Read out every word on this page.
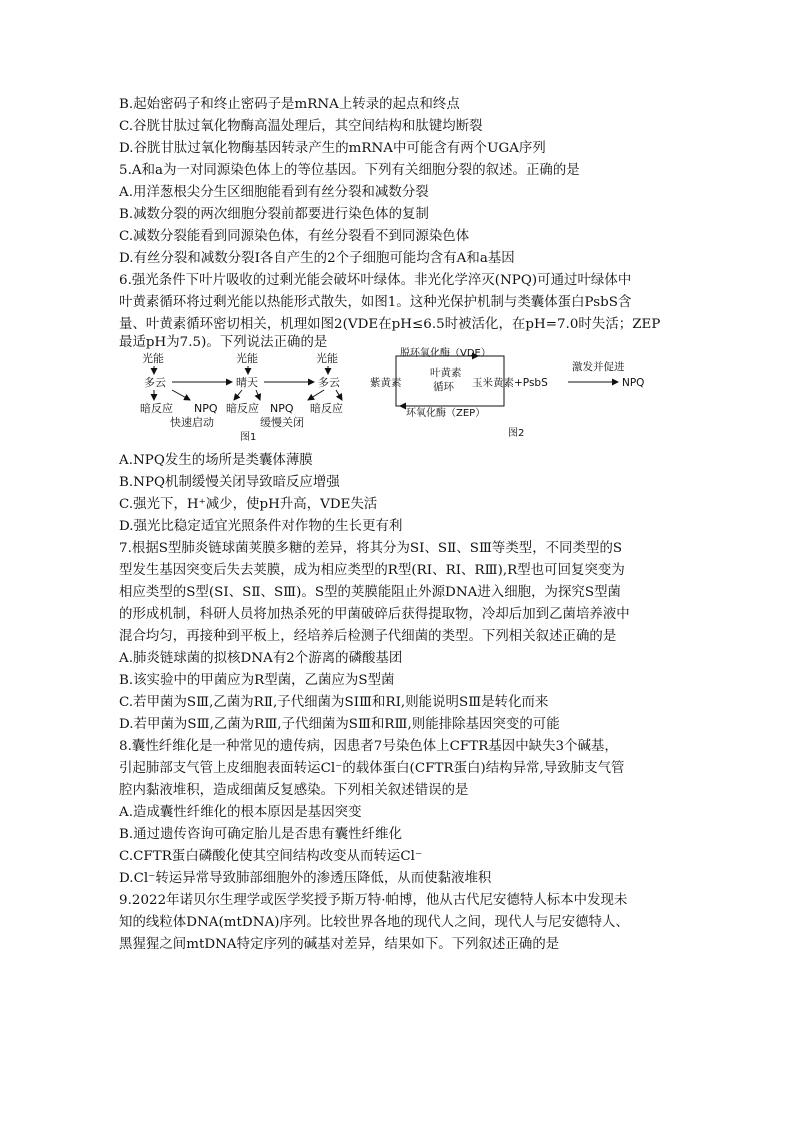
B.起始密码子和终止密码子是mRNA上转录的起点和终点
C.谷胱甘肽过氧化物酶高温处理后，其空间结构和肽键均断裂
D.谷胱甘肽过氧化物酶基因转录产生的mRNA中可能含有两个UGA序列
5.A和a为一对同源染色体上的等位基因。下列有关细胞分裂的叙述。正确的是
A.用洋葱根尖分生区细胞能看到有丝分裂和减数分裂
B.减数分裂的两次细胞分裂前都要进行染色体的复制
C.减数分裂能看到同源染色体，有丝分裂看不到同源染色体
D.有丝分裂和减数分裂Ⅰ各自产生的2个子细胞可能均含有A和a基因
6.强光条件下叶片吸收的过剩光能会破坏叶绿体。非光化学淬灭(NPQ)可通过叶绿体中
叶黄素循环将过剩光能以热能形式散失，如图1。这种光保护机制与类囊体蛋白PsbS含
量、叶黄素循环密切相关，机理如图2(VDE在pH≤6.5时被活化，在pH=7.0时失活；ZEP
最适pH为7.5)。下列说法正确的是
光能	光能	光能
多云	晴天	多云
暗反应 NPQ 暗反应 NPQ 暗反应
快速启动	缓慢关闭
图1
脱环氧化酶（VDE）
环氧化酶（ZEP）
紫黄素
叶黄素
循环 玉米黄素+PsbS
激发并促进
NPQ
图2
A.NPQ发生的场所是类囊体薄膜
B.NPQ机制缓慢关闭导致暗反应增强
C.强光下，H⁺减少，使pH升高，VDE失活
D.强光比稳定适宜光照条件对作物的生长更有利
7.根据S型肺炎链球菌荚膜多糖的差异，将其分为SⅠ、SⅡ、SⅢ等类型，不同类型的S
型发生基因突变后失去荚膜，成为相应类型的R型(RⅠ、RⅠ、RⅢ),R型也可回复突变为
相应类型的S型(SⅠ、SⅡ、SⅢ)。S型的荚膜能阻止外源DNA进入细胞，为探究S型菌
的形成机制，科研人员将加热杀死的甲菌破碎后获得提取物，冷却后加到乙菌培养液中
混合均匀，再接种到平板上，经培养后检测子代细菌的类型。下列相关叙述正确的是
A.肺炎链球菌的拟核DNA有2个游离的磷酸基团
B.该实验中的甲菌应为R型菌，乙菌应为S型菌
C.若甲菌为SⅢ,乙菌为RⅡ,子代细菌为SⅠⅢ和RⅠ,则能说明SⅢ是转化而来
D.若甲菌为SⅢ,乙菌为RⅢ,子代细菌为SⅢ和RⅢ,则能排除基因突变的可能
8.囊性纤维化是一种常见的遗传病，因患者7号染色体上CFTR基因中缺失3个碱基，
引起肺部支气管上皮细胞表面转运Cl⁻的载体蛋白(CFTR蛋白)结构异常,导致肺支气管
腔内黏液堆积，造成细菌反复感染。下列相关叙述错误的是
A.造成囊性纤维化的根本原因是基因突变
B.通过遗传咨询可确定胎儿是否患有囊性纤维化
C.CFTR蛋白磷酸化使其空间结构改变从而转运Cl⁻
D.Cl⁻转运异常导致肺部细胞外的渗透压降低，从而使黏液堆积
9.2022年诺贝尔生理学或医学奖授予斯万特·帕博，他从古代尼安德特人标本中发现未
知的线粒体DNA(mtDNA)序列。比较世界各地的现代人之间，现代人与尼安德特人、
黑猩猩之间mtDNA特定序列的碱基对差异，结果如下。下列叙述正确的是
